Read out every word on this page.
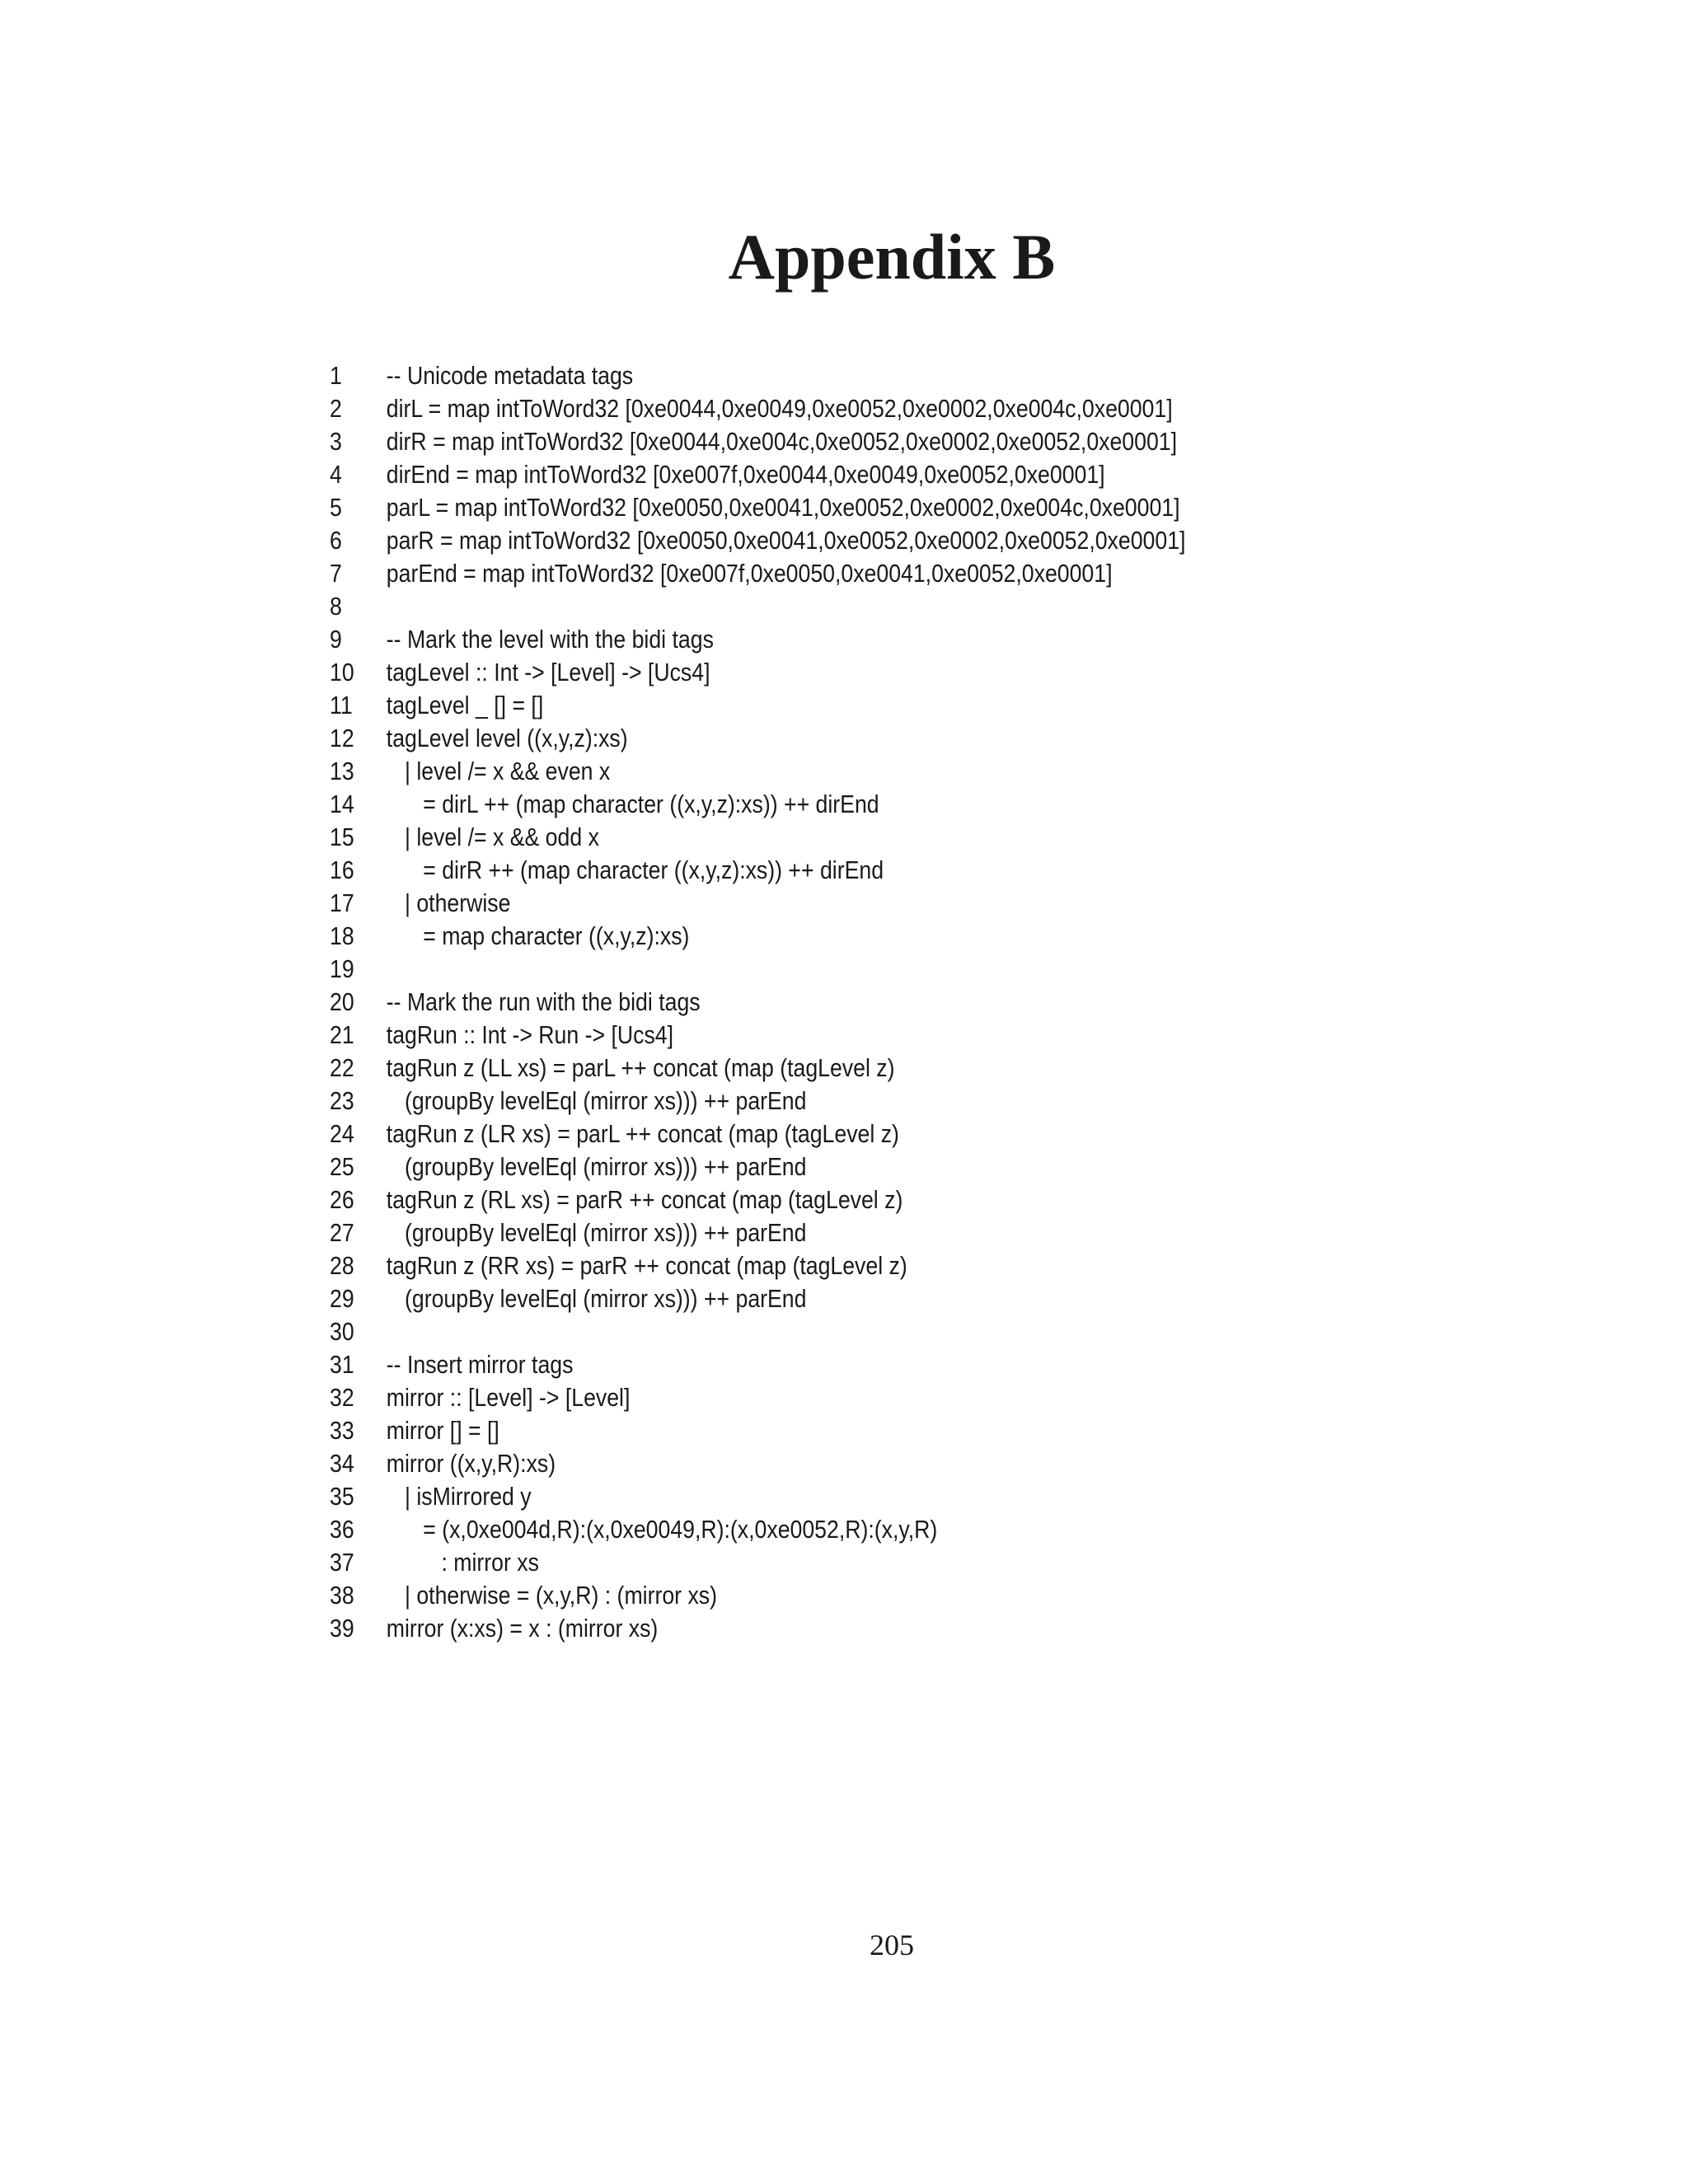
Appendix B
1	-- Unicode metadata tags
2	dirL = map intToWord32 [0xe0044,0xe0049,0xe0052,0xe0002,0xe004c,0xe0001]
3	dirR = map intToWord32 [0xe0044,0xe004c,0xe0052,0xe0002,0xe0052,0xe0001]
4	dirEnd = map intToWord32 [0xe007f,0xe0044,0xe0049,0xe0052,0xe0001]
5	parL = map intToWord32 [0xe0050,0xe0041,0xe0052,0xe0002,0xe004c,0xe0001]
6	parR = map intToWord32 [0xe0050,0xe0041,0xe0052,0xe0002,0xe0052,0xe0001]
7	parEnd = map intToWord32 [0xe007f,0xe0050,0xe0041,0xe0052,0xe0001]
8
9	-- Mark the level with the bidi tags
10	tagLevel :: Int -> [Level] -> [Ucs4]
11	tagLevel _ [] = []
12	tagLevel level ((x,y,z):xs)
13	| level /= x && even x
14	= dirL ++ (map character ((x,y,z):xs)) ++ dirEnd
15	| level /= x && odd x
16	= dirR ++ (map character ((x,y,z):xs)) ++ dirEnd
17	| otherwise
18	= map character ((x,y,z):xs)
19
20	-- Mark the run with the bidi tags
21	tagRun :: Int -> Run -> [Ucs4]
22	tagRun z (LL xs) = parL ++ concat (map (tagLevel z)
23	(groupBy levelEql (mirror xs))) ++ parEnd
24	tagRun z (LR xs) = parL ++ concat (map (tagLevel z)
25	(groupBy levelEql (mirror xs))) ++ parEnd
26	tagRun z (RL xs) = parR ++ concat (map (tagLevel z)
27	(groupBy levelEql (mirror xs))) ++ parEnd
28	tagRun z (RR xs) = parR ++ concat (map (tagLevel z)
29	(groupBy levelEql (mirror xs))) ++ parEnd
30
31	-- Insert mirror tags
32	mirror :: [Level] -> [Level]
33	mirror [] = []
34	mirror ((x,y,R):xs)
35	| isMirrored y
36	= (x,0xe004d,R):(x,0xe0049,R):(x,0xe0052,R):(x,y,R)
37	: mirror xs
38	| otherwise = (x,y,R) : (mirror xs)
39	mirror (x:xs) = x : (mirror xs)
205
